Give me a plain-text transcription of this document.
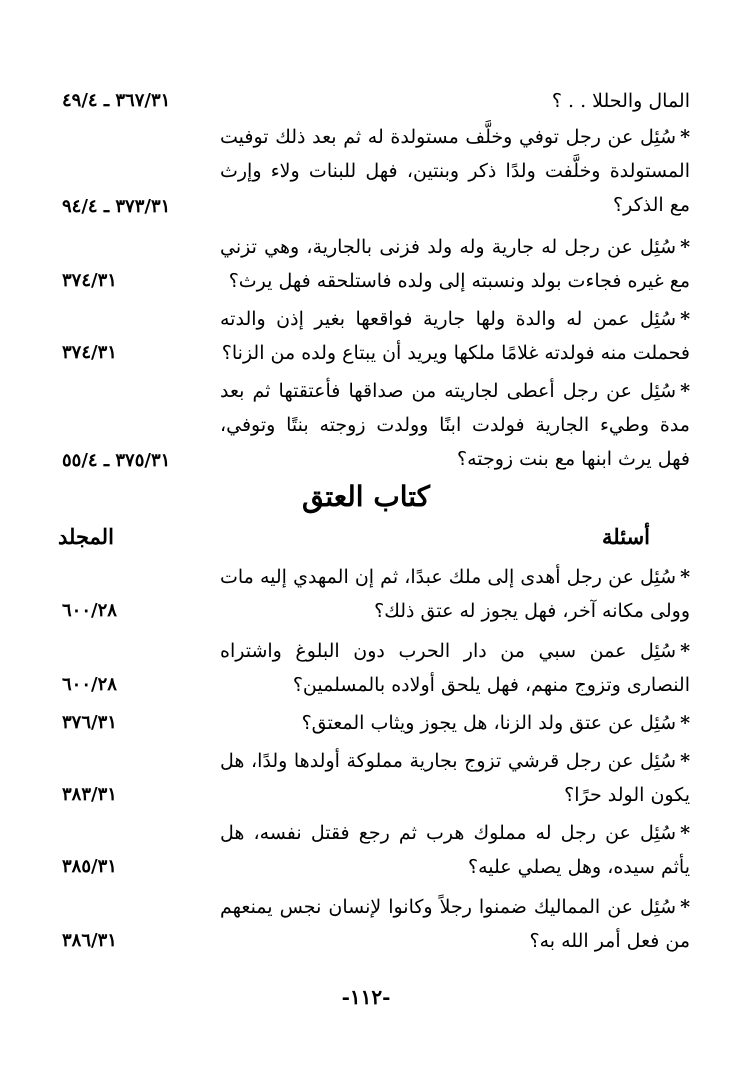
المال والحللا . . ؟
٣٦٧/٣١ ـ ٤٩/٤
*سُئِل عن رجل توفي وخلَّف مستولدة له ثم بعد ذلك توفيت المستولدة وخلَّفت ولدًا ذكر وبنتين، فهل للبنات ولاء وإرث مع الذكر؟
٣٧٣/٣١ ـ ٩٤/٤
*سُئِل عن رجل له جارية وله ولد فزنى بالجارية، وهي تزني مع غيره فجاءت بولد ونسبته إلى ولده فاستلحقه فهل يرث؟
٣٧٤/٣١
*سُئِل عمن له والدة ولها جارية فواقعها بغير إذن والدته فحملت منه فولدته غلامًا ملكها ويريد أن يبتاع ولده من الزنا؟
٣٧٤/٣١
*سُئِل عن رجل أعطى لجاريته من صداقها فأعتقتها ثم بعد مدة وطيء الجارية فولدت ابنًا وولدت زوجته بنتًا وتوفي، فهل يرث ابنها مع بنت زوجته؟
٣٧٥/٣١ ـ ٥٥/٤
كتاب العتق
أسئلة
المجلد
*سُئِل عن رجل أهدى إلى ملك عبدًا، ثم إن المهدي إليه مات وولى مكانه آخر، فهل يجوز له عتق ذلك؟
٦٠٠/٢٨
*سُئِل عمن سبي من دار الحرب دون البلوغ واشتراه النصارى وتزوج منهم، فهل يلحق أولاده بالمسلمين؟
٦٠٠/٢٨
*سُئِل عن عتق ولد الزنا، هل يجوز ويثاب المعتق؟
٣٧٦/٣١
*سُئِل عن رجل قرشي تزوج بجارية مملوكة أولدها ولدًا، هل يكون الولد حرًا؟
٣٨٣/٣١
*سُئِل عن رجل له مملوك هرب ثم رجع فقتل نفسه، هل يأثم سيده، وهل يصلي عليه؟
٣٨٥/٣١
*سُئِل عن المماليك ضمنوا رجلاً وكانوا لإنسان نجس يمنعهم من فعل أمر الله به؟
٣٨٦/٣١
-١١٢-
